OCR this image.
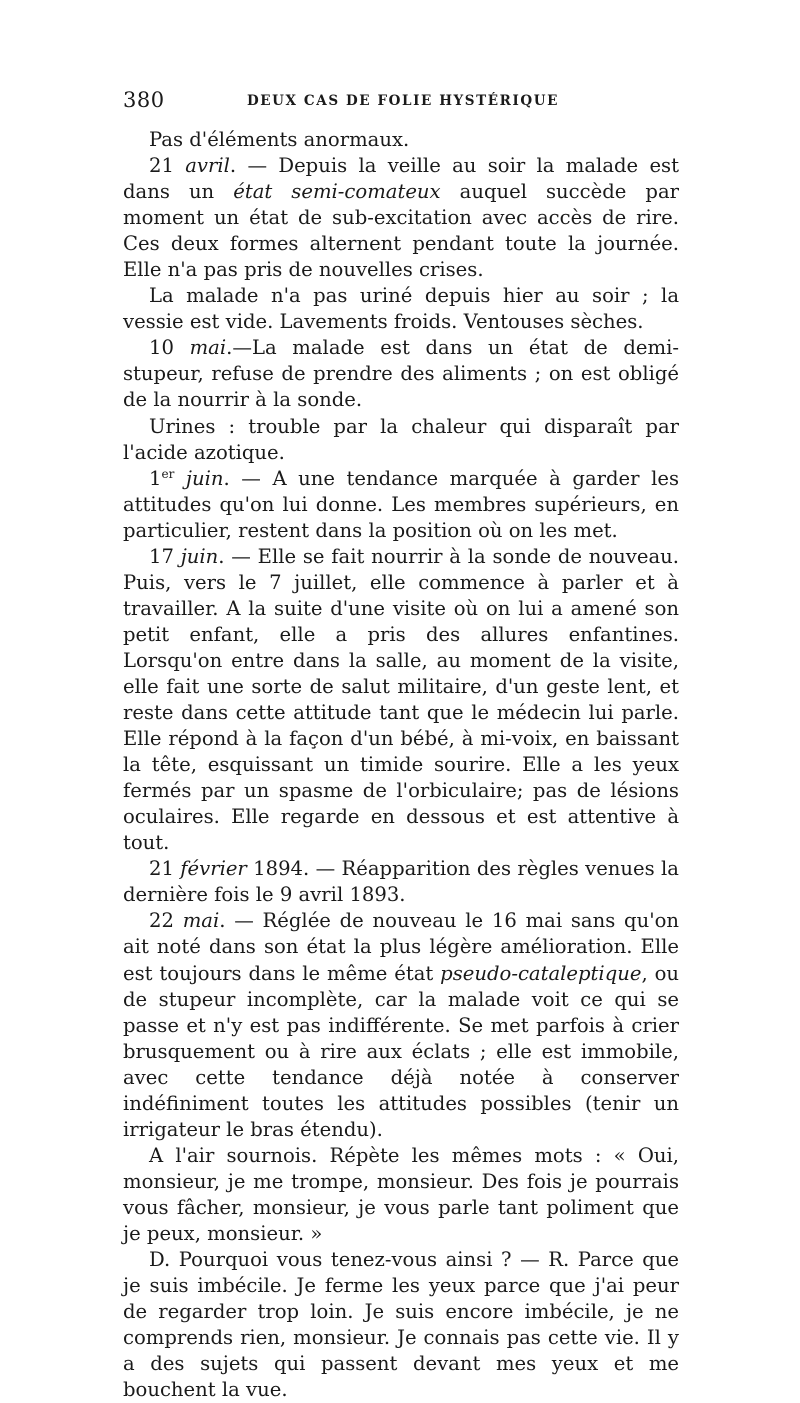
380	DEUX CAS DE FOLIE HYSTÉRIQUE

Pas d'éléments anormaux.

21 avril. — Depuis la veille au soir la malade est dans un état semi-comateux auquel succède par moment un état de sub-excitation avec accès de rire. Ces deux formes alternent pendant toute la journée. Elle n'a pas pris de nouvelles crises.

La malade n'a pas uriné depuis hier au soir ; la vessie est vide. Lavements froids. Ventouses sèches.

10 mai.—La malade est dans un état de demi-stupeur, refuse de prendre des aliments ; on est obligé de la nourrir à la sonde.

Urines : trouble par la chaleur qui disparaît par l'acide azotique.

1er juin. — A une tendance marquée à garder les attitudes qu'on lui donne. Les membres supérieurs, en particulier, restent dans la position où on les met.

17 juin. — Elle se fait nourrir à la sonde de nouveau. Puis, vers le 7 juillet, elle commence à parler et à travailler. A la suite d'une visite où on lui a amené son petit enfant, elle a pris des allures enfantines. Lorsqu'on entre dans la salle, au moment de la visite, elle fait une sorte de salut militaire, d'un geste lent, et reste dans cette attitude tant que le médecin lui parle. Elle répond à la façon d'un bébé, à mi-voix, en baissant la tête, esquissant un timide sourire. Elle a les yeux fermés par un spasme de l'orbiculaire; pas de lésions oculaires. Elle regarde en dessous et est attentive à tout.

21 février 1894. — Réapparition des règles venues la dernière fois le 9 avril 1893.

22 mai. — Réglée de nouveau le 16 mai sans qu'on ait noté dans son état la plus légère amélioration. Elle est toujours dans le même état pseudo-cataleptique, ou de stupeur incomplète, car la malade voit ce qui se passe et n'y est pas indifférente. Se met parfois à crier brusquement ou à rire aux éclats ; elle est immobile, avec cette tendance déjà notée à conserver indéfiniment toutes les attitudes possibles (tenir un irrigateur le bras étendu).

A l'air sournois. Répète les mêmes mots : « Oui, monsieur, je me trompe, monsieur. Des fois je pourrais vous fâcher, monsieur, je vous parle tant poliment que je peux, monsieur. »

D. Pourquoi vous tenez-vous ainsi ? — R. Parce que je suis imbécile. Je ferme les yeux parce que j'ai peur de regarder trop loin. Je suis encore imbécile, je ne comprends rien, monsieur. Je connais pas cette vie. Il y a des sujets qui passent devant mes yeux et me bouchent la vue.
